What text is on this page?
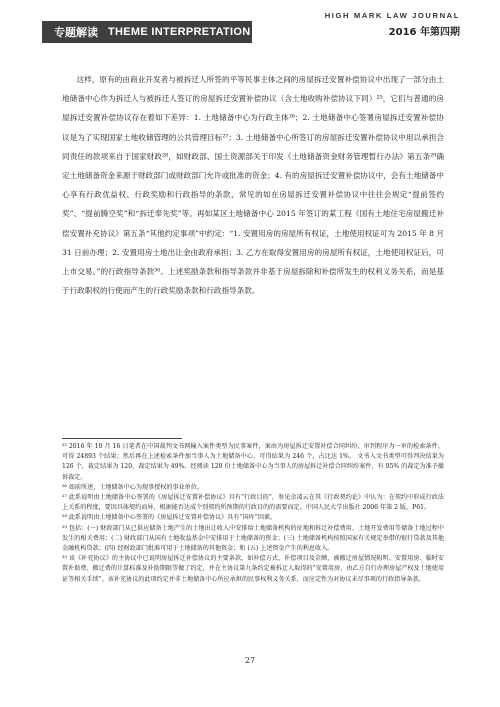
专题解读 THEME INTERPRETATION
HIGH MARK LAW JOURNAL
2016 年第四期

这样，原有的由商业开发者与被拆迁人所签的平等民事主体之间的房屋拆迁安置补偿协议中出现了一部分由土地储备中心作为拆迁人与被拆迁人签订的房屋拆迁安置补偿协议（含土地收购补偿协议下同）²⁵，它们与普通的房屋拆迁安置补偿协议存在着如下差异：1. 土地储备中心为行政主体²⁶；2. 土地储备中心签署房屋拆迁安置补偿协议是为了实现国家土地收储管理的公共管理目标²⁷；3. 土地储备中心所签订的房屋拆迁安置补偿协议中用以承担合同责任的款项来自于国家财政²⁸，如财政部、国土资源部关于印发《土地储备资金财务管理暂行办法》第五条²⁹确定土地储备资金来源于财政部门或财政部门允许或批准的资金；4. 有的房屋拆迁安置补偿协议中，会有土地储备中心享有行政优益权、行政奖励和行政指导的条款，常见的如在房屋拆迁安置补偿协议中往往会规定“提前签约奖”、“提前腾空奖”和“拆迁奉先奖”等。再如某区土地储备中心 2015 年签订的某工程《国有土地住宅房屋搬迁补偿安置补充协议》第五条“其他约定事项”中约定：“1. 安置用房的房屋所有权证，土地使用权证可为 2015 年 8 月 31 日前办理；2. 安置用房土地出让金由政府承担；3. 乙方在取得安置用房的房屋所有权证，土地使用权证后，可上市交易。”的行政指导条款³⁰。上述奖励条款和指导条款并非基于房屋拆除和补偿所发生的权利义务关系，而是基于行政职权的行使而产生的行政奖励条款和行政指导条款。

²⁵ 2016 年 10 月 16 日笔者在中国裁判文书网输入案件类型为民事案件，案由为房屋拆迁安置补偿合同纠纷，审判程序为一审的检索条件，可得 24893 个结果；然后再在上述检索条件加当事人为土地储备中心，可得结果为 246 个，占比达 1%。 文书入文书类型可得判决结果为 126 个，裁定结果为 120，裁定结果为 49%。经阅读 120 份土地储备中心为当事人的房屋拆迁补偿合同纠纷案件，有 95% 的裁定为准予撤诉裁定。

²⁶ 如前所述，土地储备中心为现事授权的事业单位。

²⁷ 此系说明由土地储备中心签署的《房屋拆迁安置补偿协议》具有“行政目的”，参见余凌云在其《行政契约论》中认为：在契约中形成行政法上关系的程度，要因具体契约而异，根据能否达成个别契约所预期的行政目的的需要而定。中国人民大学出版社 2006 年第 2 版，P61。

²⁸ 此系说明由土地储备中心签署的《房屋拆迁安置补偿协议》具有“国库”因素。

²⁹ 包括：(一) 财政部门从已供应储备土地产生的土地出让收入中安排给土地储备机构的征地和拆迁补偿费用、土地开发费用等储备土地过程中发生的相关费用；(二) 财政部门从国有土地收益基金中安排用于土地储备的资金；(三) 土地储备机构按照国家有关规定举借的银行贷款及其他金融机构贷款；(四) 经财政部门批准可用于土地储备的其他资金；和 (五) 上述资金产生的利息收入。

³⁰ 该《补充协议》的主协议中已说明房屋拆迁补偿协议的主要条款，如补偿方式、补偿项目及金额、被搬迁房屋情况附明、安置用房、临时安置补助费、搬迁费的计算标准及补助期限等做了约定，并在主协议第九条约定被拆迁人取得的“安置用房，由乙方自行办理房屋产权及土地使用证等相关手续”。该补充协议的此项约定并非土地储备中心所应承担的民事权利义务关系，而应定性为对协议未尽事项的行政指导条款。

27
